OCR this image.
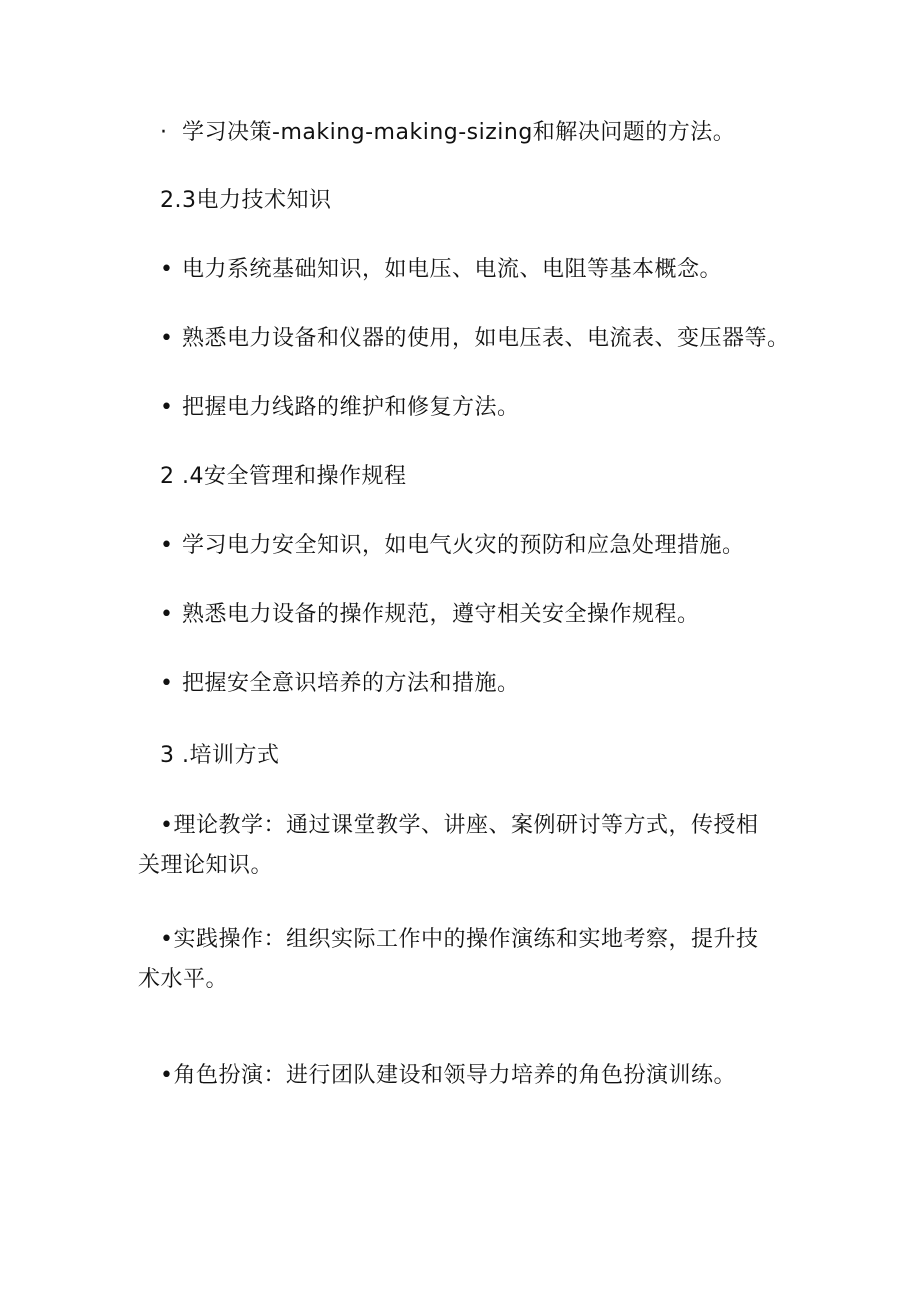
· 学习决策-making-making-sizing和解决问题的方法。
2.3电力技术知识
• 电力系统基础知识，如电压、电流、电阻等基本概念。
• 熟悉电力设备和仪器的使用，如电压表、电流表、变压器等。
• 把握电力线路的维护和修复方法。
2 .4安全管理和操作规程
• 学习电力安全知识，如电气火灾的预防和应急处理措施。
• 熟悉电力设备的操作规范，遵守相关安全操作规程。
• 把握安全意识培养的方法和措施。
3 .培训方式
•理论教学：通过课堂教学、讲座、案例研讨等方式，传授相
关理论知识。
•实践操作：组织实际工作中的操作演练和实地考察，提升技
术水平。
•角色扮演：进行团队建设和领导力培养的角色扮演训练。
